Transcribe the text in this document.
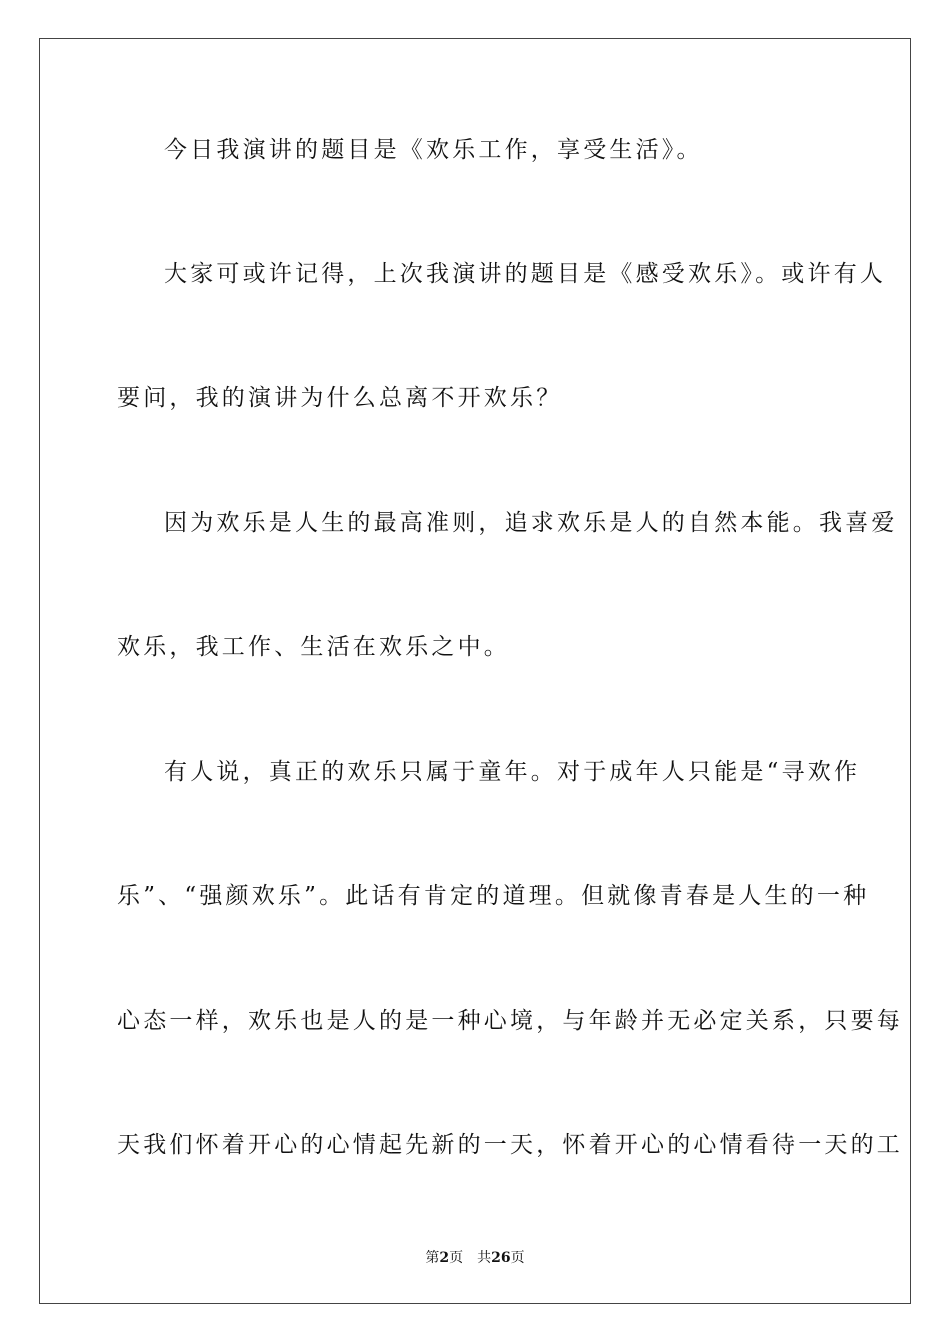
今日我演讲的题目是《欢乐工作，享受生活》。
大家可或许记得，上次我演讲的题目是《感受欢乐》。或许有人
要问，我的演讲为什么总离不开欢乐？
因为欢乐是人生的最高准则，追求欢乐是人的自然本能。我喜爱
欢乐，我工作、生活在欢乐之中。
有人说，真正的欢乐只属于童年。对于成年人只能是“寻欢作
乐”、“强颜欢乐”。此话有肯定的道理。但就像青春是人生的一种
心态一样，欢乐也是人的是一种心境，与年龄并无必定关系，只要每
天我们怀着开心的心情起先新的一天，怀着开心的心情看待一天的工
第2页 共26页
